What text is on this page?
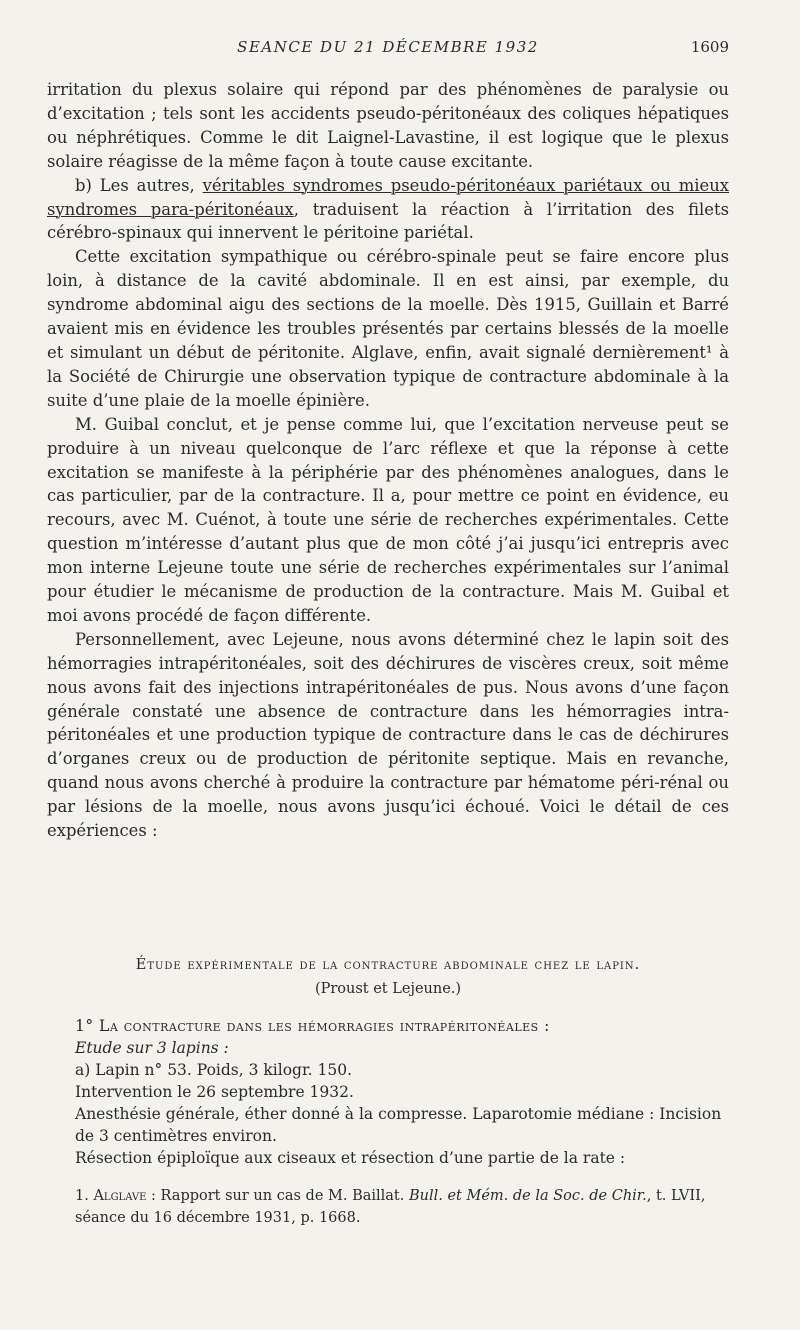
SEANCE DU 21 DÉCEMBRE 1932	1609

irritation du plexus solaire qui répond par des phénomènes de paralysie ou d’excitation ; tels sont les accidents pseudo-péritonéaux des coliques hépatiques ou néphrétiques. Comme le dit Laignel-Lavastine, il est logique que le plexus solaire réagisse de la même façon à toute cause excitante.

b) Les autres, véritables syndromes pseudo-péritonéaux pariétaux ou mieux syndromes para-péritonéaux, traduisent la réaction à l’irritation des filets cérébro-spinaux qui innervent le péritoine pariétal.

Cette excitation sympathique ou cérébro-spinale peut se faire encore plus loin, à distance de la cavité abdominale. Il en est ainsi, par exemple, du syndrome abdominal aigu des sections de la moelle. Dès 1915, Guillain et Barré avaient mis en évidence les troubles présentés par certains blessés de la moelle et simulant un début de péritonite. Alglave, enfin, avait signalé dernièrement¹ à la Société de Chirurgie une observation typique de contracture abdominale à la suite d’une plaie de la moelle épinière.

M. Guibal conclut, et je pense comme lui, que l’excitation nerveuse peut se produire à un niveau quelconque de l’arc réflexe et que la réponse à cette excitation se manifeste à la périphérie par des phénomènes analogues, dans le cas particulier, par de la contracture. Il a, pour mettre ce point en évidence, eu recours, avec M. Cuénot, à toute une série de recherches expérimentales. Cette question m’intéresse d’autant plus que de mon côté j’ai jusqu’ici entrepris avec mon interne Lejeune toute une série de recherches expérimentales sur l’animal pour étudier le mécanisme de production de la contracture. Mais M. Guibal et moi avons procédé de façon différente.

Personnellement, avec Lejeune, nous avons déterminé chez le lapin soit des hémorragies intrapéritonéales, soit des déchirures de viscères creux, soit même nous avons fait des injections intrapéritonéales de pus. Nous avons d’une façon générale constaté une absence de contracture dans les hémorragies intra-péritonéales et une production typique de contracture dans le cas de déchirures d’organes creux ou de production de péritonite septique. Mais en revanche, quand nous avons cherché à produire la contracture par hématome péri-rénal ou par lésions de la moelle, nous avons jusqu’ici échoué. Voici le détail de ces expériences :

Étude expérimentale de la contracture abdominale chez le lapin.
(Proust et Lejeune.)

1° La contracture dans les hémorragies intrapéritonéales :

Etude sur 3 lapins :

a) Lapin n° 53. Poids, 3 kilogr. 150.

Intervention le 26 septembre 1932.

Anesthésie générale, éther donné à la compresse. Laparotomie médiane : Incision de 3 centimètres environ.

Résection épiploïque aux ciseaux et résection d’une partie de la rate :

1. Alglave : Rapport sur un cas de M. Baillat. Bull. et Mém. de la Soc. de Chir., t. LVII, séance du 16 décembre 1931, p. 1668.
